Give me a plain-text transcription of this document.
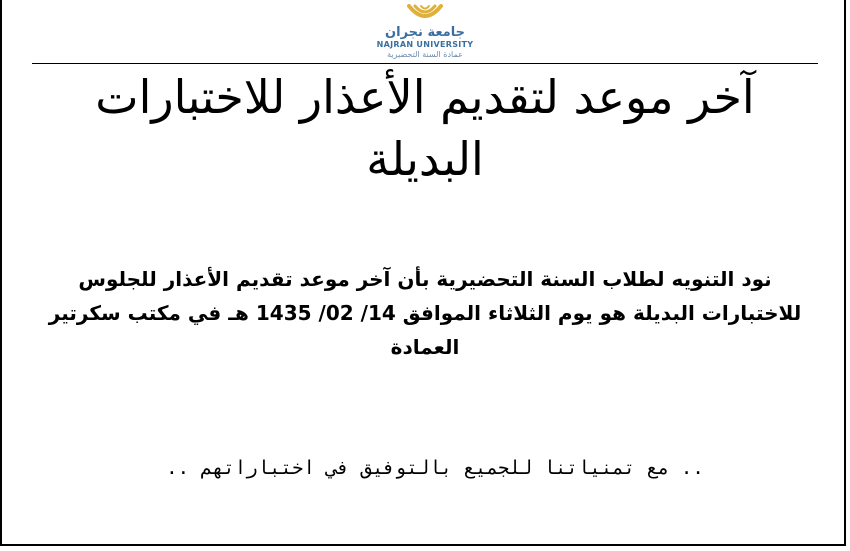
جامعة نجران
NAJRAN UNIVERSITY
عمادة السنة التحضيرية
آخر موعد لتقديم الأعذار للاختبارات البديلة

نود التنويه لطلاب السنة التحضيرية بأن آخر موعد تقديم الأعذار للجلوس للاختبارات البديلة هو يوم الثلاثاء الموافق 14/ 02/ 1435 هـ في مكتب سكرتير العمادة

.. مع تمنياتنا للجميع بالتوفيق في اختباراتهم ..
